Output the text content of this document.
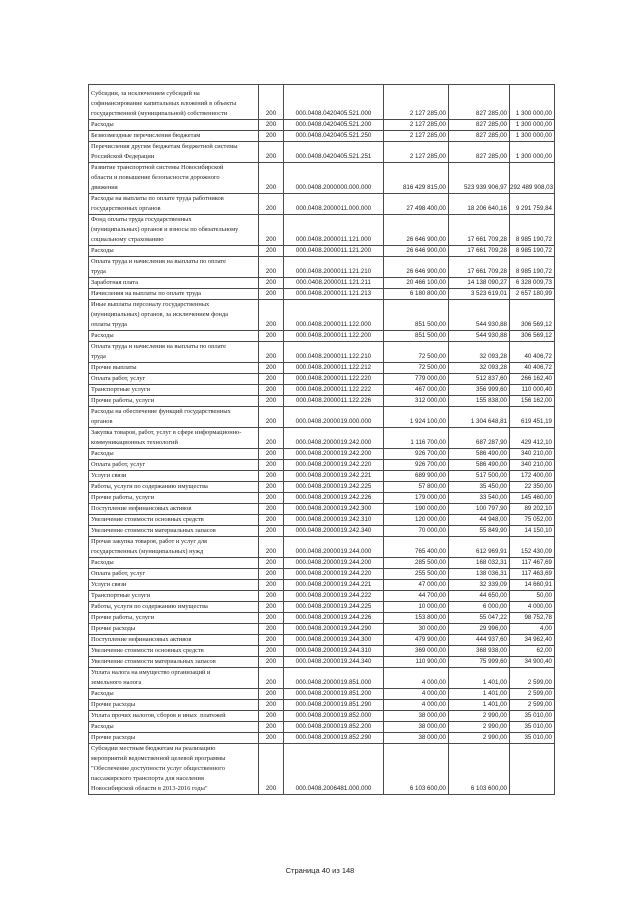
Субсидии, за исключением субсидий на
софинансирование капитальных вложений в объекты
государственной (муниципальной) собственности	200	000.0408.0420405.521.000	2 127 285,00	827 285,00	1 300 000,00
Расходы	200	000.0408.0420405.521.200	2 127 285,00	827 285,00	1 300 000,00
Безвозмездные перечисления бюджетам	200	000.0408.0420405.521.250	2 127 285,00	827 285,00	1 300 000,00
Перечисления другим бюджетам бюджетной системы
Российской Федерации	200	000.0408.0420405.521.251	2 127 285,00	827 285,00	1 300 000,00
Развитие транспортной системы Новосибирской
области и повышение безопасности дорожного
движения	200	000.0408.2000000.000.000	816 429 815,00	523 939 906,97	292 489 908,03
Расходы на выплаты по оплате труда работников
государственных органов	200	000.0408.2000011.000.000	27 498 400,00	18 206 640,16	9 291 759,84
Фонд оплаты труда государственных
(муниципальных) органов и взносы по обязательному
социальному страхованию	200	000.0408.2000011.121.000	26 646 900,00	17 661 709,28	8 985 190,72
Расходы	200	000.0408.2000011.121.200	26 646 900,00	17 661 709,28	8 985 190,72
Оплата труда и начисления на выплаты по оплате
труда	200	000.0408.2000011.121.210	26 646 900,00	17 661 709,28	8 985 190,72
Заработная плата	200	000.0408.2000011.121.211	20 466 100,00	14 138 090,27	6 328 009,73
Начисления на выплаты по оплате труда	200	000.0408.2000011.121.213	6 180 800,00	3 523 619,01	2 657 180,99
Иные выплаты персоналу государственных
(муниципальных) органов, за исключением фонда
оплаты труда	200	000.0408.2000011.122.000	851 500,00	544 930,88	306 569,12
Расходы	200	000.0408.2000011.122.200	851 500,00	544 930,88	306 569,12
Оплата труда и начисления на выплаты по оплате
труда	200	000.0408.2000011.122.210	72 500,00	32 093,28	40 406,72
Прочие выплаты	200	000.0408.2000011.122.212	72 500,00	32 093,28	40 406,72
Оплата работ, услуг	200	000.0408.2000011.122.220	779 000,00	512 837,60	266 162,40
Транспортные услуги	200	000.0408.2000011.122.222	467 000,00	356 999,60	110 000,40
Прочие работы, услуги	200	000.0408.2000011.122.226	312 000,00	155 838,00	156 162,00
Расходы на обеспечение функций государственных
органов	200	000.0408.2000019.000.000	1 924 100,00	1 304 648,81	619 451,19
Закупка товаров, работ, услуг в сфере информационно-
коммуникационных технологий	200	000.0408.2000019.242.000	1 116 700,00	687 287,90	429 412,10
Расходы	200	000.0408.2000019.242.200	926 700,00	586 490,00	340 210,00
Оплата работ, услуг	200	000.0408.2000019.242.220	926 700,00	586 490,00	340 210,00
Услуги связи	200	000.0408.2000019.242.221	689 900,00	517 500,00	172 400,00
Работы, услуги по содержанию имущества	200	000.0408.2000019.242.225	57 800,00	35 450,00	22 350,00
Прочие работы, услуги	200	000.0408.2000019.242.226	179 000,00	33 540,00	145 460,00
Поступление нефинансовых активов	200	000.0408.2000019.242.300	190 000,00	100 797,90	89 202,10
Увеличение стоимости основных средств	200	000.0408.2000019.242.310	120 000,00	44 948,00	75 052,00
Увеличение стоимости материальных запасов	200	000.0408.2000019.242.340	70 000,00	55 849,90	14 150,10
Прочая закупка товаров, работ и услуг для
государственных (муниципальных) нужд	200	000.0408.2000019.244.000	765 400,00	612 969,91	152 430,09
Расходы	200	000.0408.2000019.244.200	285 500,00	168 032,31	117 467,69
Оплата работ, услуг	200	000.0408.2000019.244.220	255 500,00	138 036,31	117 463,69
Услуги связи	200	000.0408.2000019.244.221	47 000,00	32 339,09	14 660,91
Транспортные услуги	200	000.0408.2000019.244.222	44 700,00	44 650,00	50,00
Работы, услуги по содержанию имущества	200	000.0408.2000019.244.225	10 000,00	6 000,00	4 000,00
Прочие работы, услуги	200	000.0408.2000019.244.226	153 800,00	55 047,22	98 752,78
Прочие расходы	200	000.0408.2000019.244.290	30 000,00	29 996,00	4,00
Поступление нефинансовых активов	200	000.0408.2000019.244.300	479 900,00	444 937,60	34 962,40
Увеличение стоимости основных средств	200	000.0408.2000019.244.310	369 000,00	368 938,00	62,00
Увеличение стоимости материальных запасов	200	000.0408.2000019.244.340	110 900,00	75 999,60	34 900,40
Уплата налога на имущество организаций и
земельного налога	200	000.0408.2000019.851.000	4 000,00	1 401,00	2 599,00
Расходы	200	000.0408.2000019.851.200	4 000,00	1 401,00	2 599,00
Прочие расходы	200	000.0408.2000019.851.290	4 000,00	1 401,00	2 599,00
Уплата прочих налогов, сборов и иных  платежей	200	000.0408.2000019.852.000	38 000,00	2 990,00	35 010,00
Расходы	200	000.0408.2000019.852.200	38 000,00	2 990,00	35 010,00
Прочие расходы	200	000.0408.2000019.852.290	38 000,00	2 990,00	35 010,00
Субсидии местным бюджетам на реализацию
мероприятий ведомственной целевой программы
"Обеспечение доступности услуг общественного
пассажирского транспорта для населения
Новосибирской области в 2013-2016 годы"	200	000.0408.2006481.000.000	6 103 600,00	6 103 600,00	
Страница 40 из 148
